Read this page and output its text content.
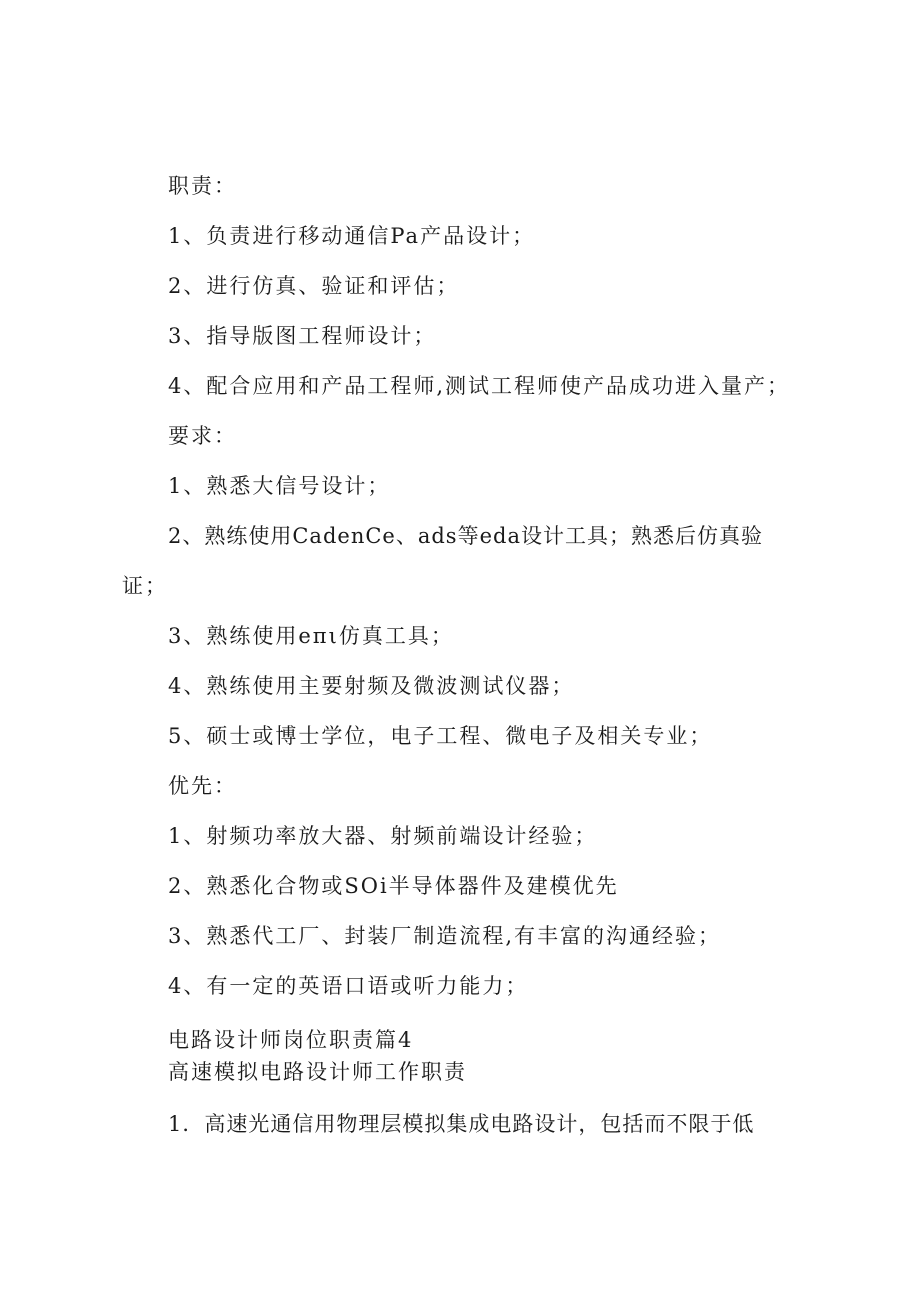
职责：
1、负责进行移动通信Pa产品设计；
2、进行仿真、验证和评估；
3、指导版图工程师设计；
4、配合应用和产品工程师,测试工程师使产品成功进入量产；
要求：
1、熟悉大信号设计；
2、熟练使用CadenCe、ads等eda设计工具；熟悉后仿真验
证；
3、熟练使用eπι仿真工具；
4、熟练使用主要射频及微波测试仪器；
5、硕士或博士学位，电子工程、微电子及相关专业；
优先：
1、射频功率放大器、射频前端设计经验；
2、熟悉化合物或SOi半导体器件及建模优先
3、熟悉代工厂、封装厂制造流程,有丰富的沟通经验；
4、有一定的英语口语或听力能力；
电路设计师岗位职责篇4
高速模拟电路设计师工作职责
1．高速光通信用物理层模拟集成电路设计，包括而不限于低
